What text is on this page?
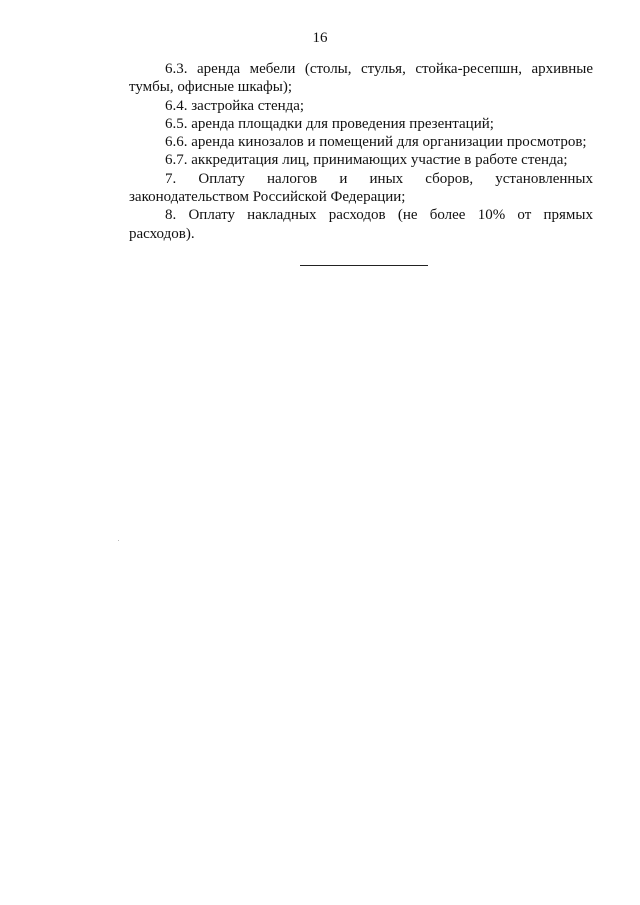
16

6.3. аренда мебели (столы, стулья, стойка-ресепшн, архивные тумбы, офисные шкафы);

6.4. застройка стенда;

6.5. аренда площадки для проведения презентаций;

6.6. аренда кинозалов и помещений для организации просмотров;

6.7. аккредитация лиц, принимающих участие в работе стенда;

7. Оплату налогов и иных сборов, установленных законодательством Российской Федерации;

8. Оплату накладных расходов (не более 10% от прямых расходов).
